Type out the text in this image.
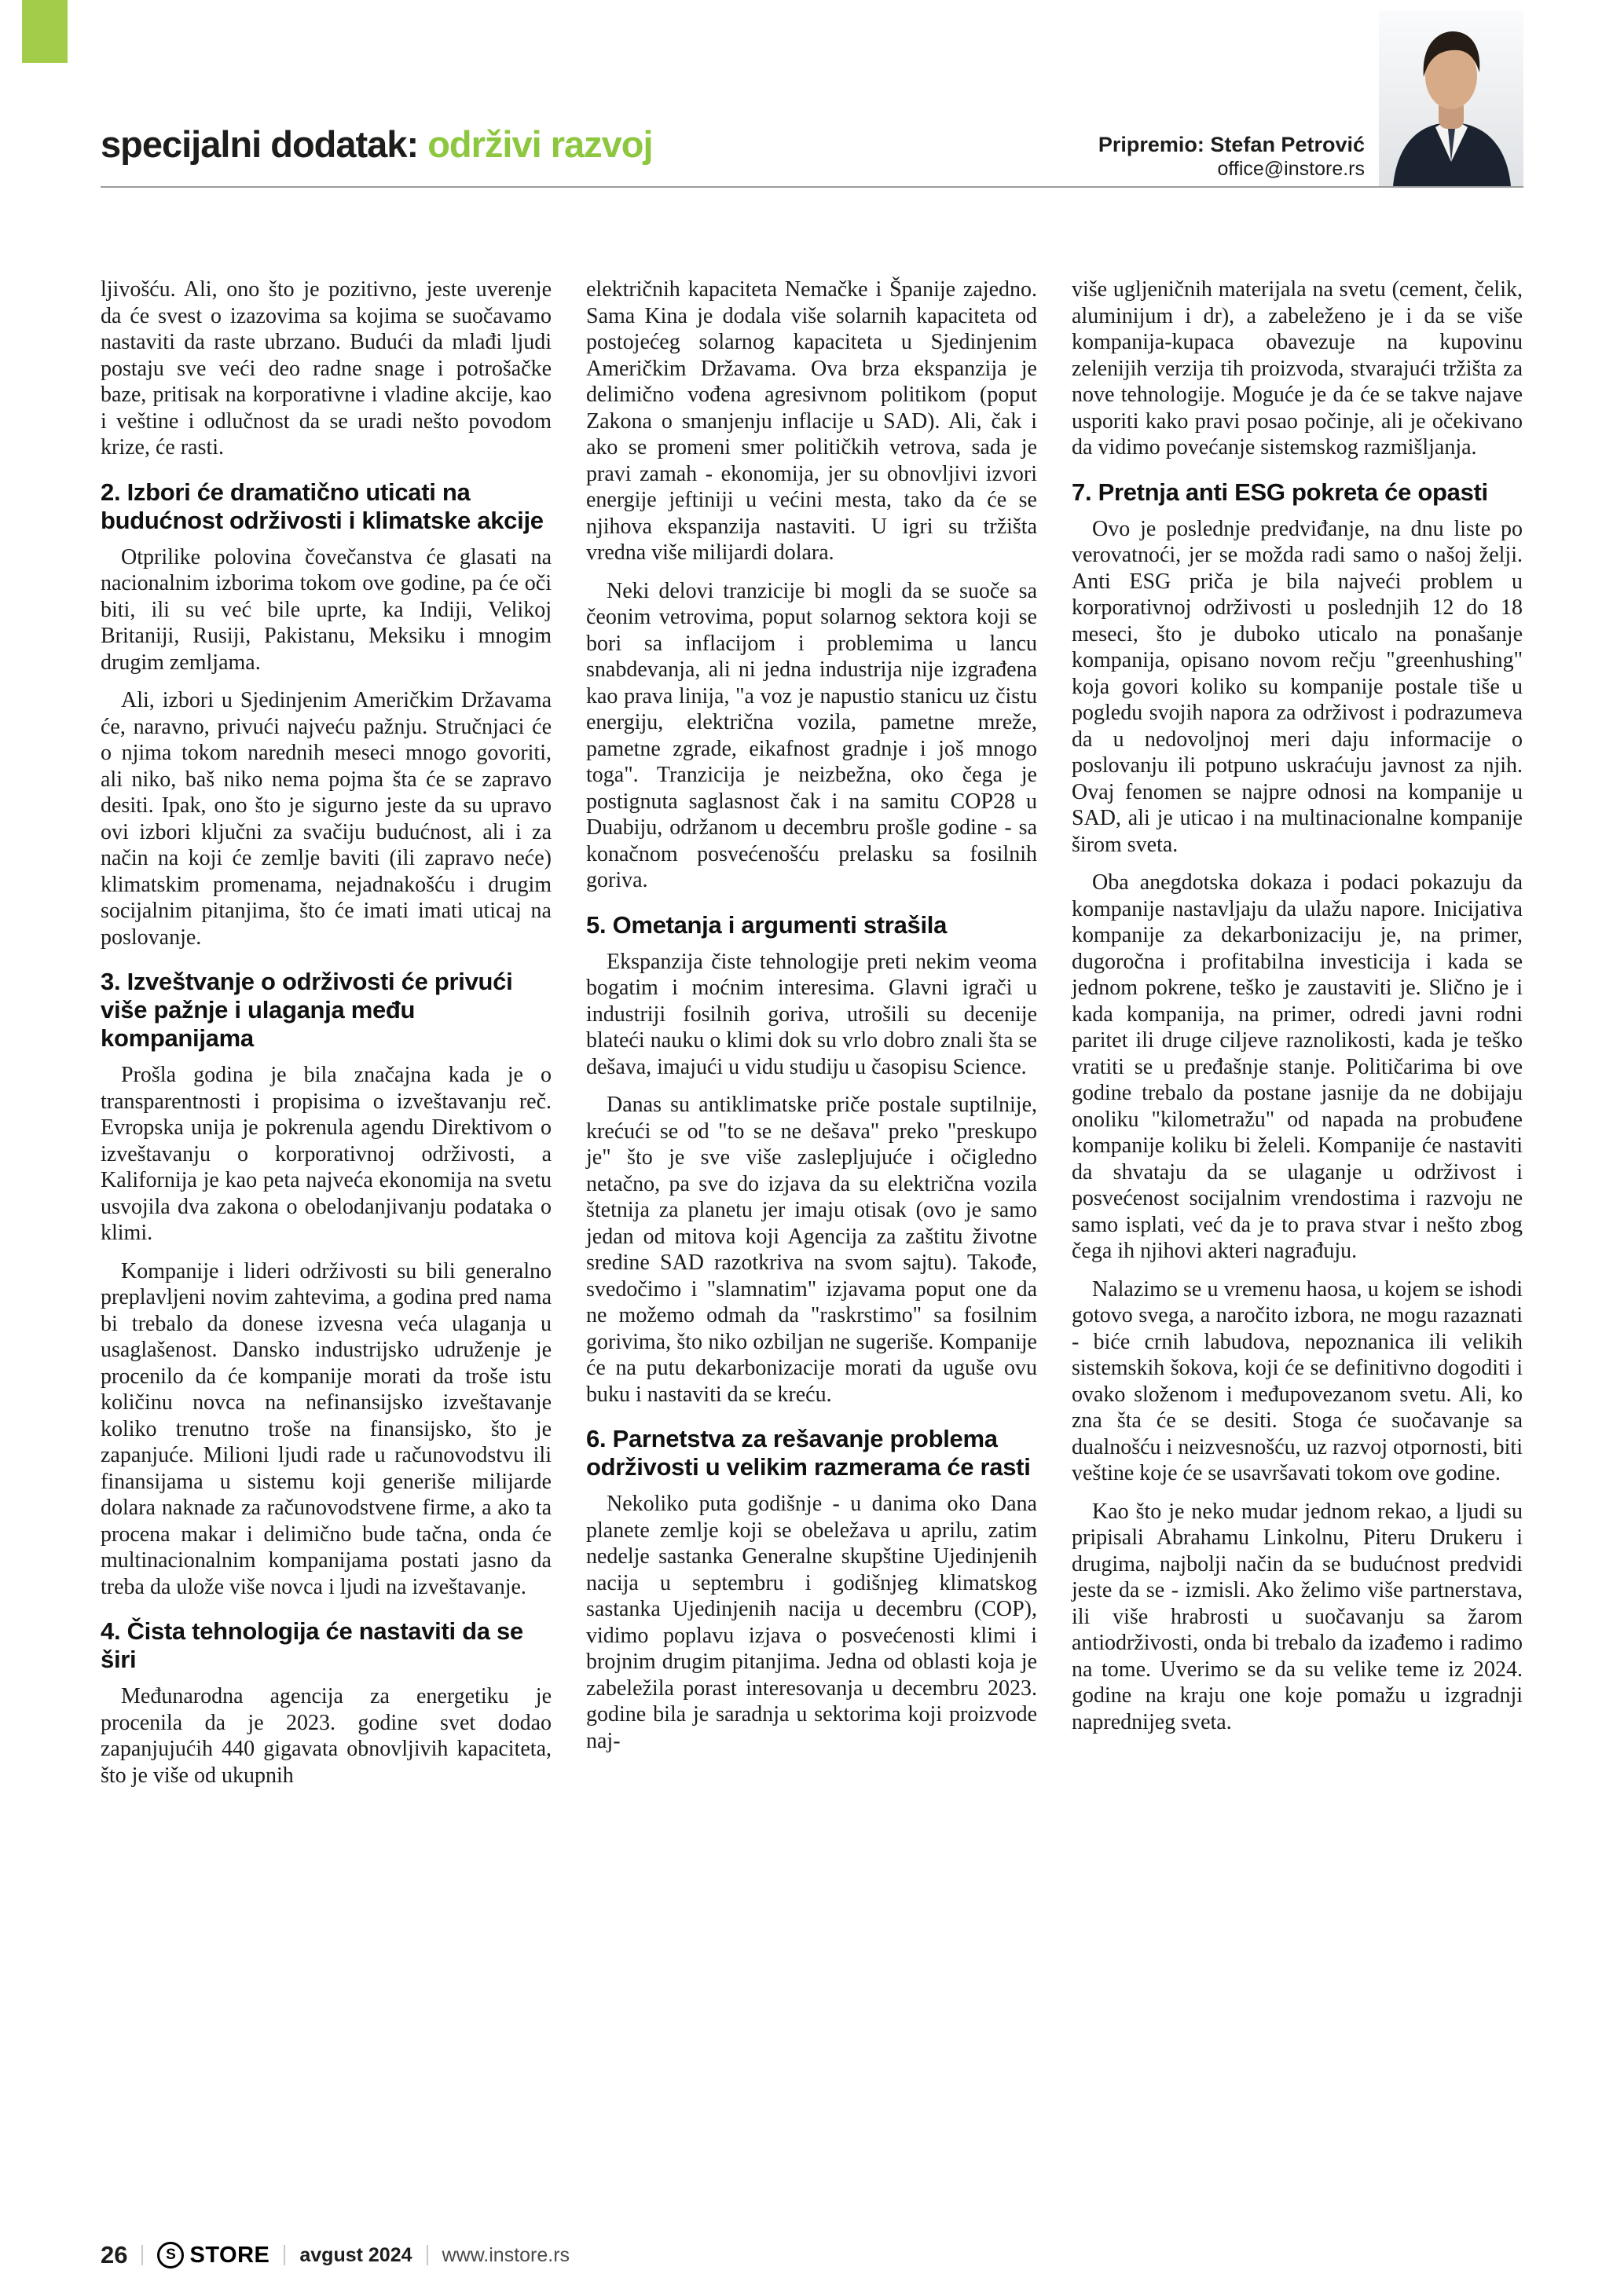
specijalni dodatak: održivi razvoj	Pripremio: Stefan Petrović
office@instore.rs

ljivošću. Ali, ono što je pozitivno, jeste uverenje da će svest o izazovima sa kojima se suočavamo nastaviti da raste ubrzano. Budući da mlađi ljudi postaju sve veći deo radne snage i potrošačke baze, pritisak na korporativne i vladine akcije, kao i veštine i odlučnost da se uradi nešto povodom krize, će rasti.

2. Izbori će dramatično uticati na budućnost održivosti i klimatske akcije

Otprilike polovina čovečanstva će glasati na nacionalnim izborima tokom ove godine, pa će oči biti, ili su već bile uprte, ka Indiji, Velikoj Britaniji, Rusiji, Pakistanu, Meksiku i mnogim drugim zemljama.

Ali, izbori u Sjedinjenim Američkim Državama će, naravno, privući najveću pažnju. Stručnjaci će o njima tokom narednih meseci mnogo govoriti, ali niko, baš niko nema pojma šta će se zapravo desiti. Ipak, ono što je sigurno jeste da su upravo ovi izbori ključni za svačiju budućnost, ali i za način na koji će zemlje baviti (ili zapravo neće) klimatskim promenama, nejadnakošću i drugim socijalnim pitanjima, što će imati imati uticaj na poslovanje.

3. Izveštvanje o održivosti će privući više pažnje i ulaganja među kompanijama

Prošla godina je bila značajna kada je o transparentnosti i propisima o izveštavanju reč. Evropska unija je pokrenula agendu Direktivom o izveštavanju o korporativnoj održivosti, a Kalifornija je kao peta najveća ekonomija na svetu usvojila dva zakona o obelodanjivanju podataka o klimi.

Kompanije i lideri održivosti su bili generalno preplavljeni novim zahtevima, a godina pred nama bi trebalo da donese izvesna veća ulaganja u usaglašenost. Dansko industrijsko udruženje je procenilo da će kompanije morati da troše istu količinu novca na nefinansijsko izveštavanje koliko trenutno troše na finansijsko, što je zapanjuće. Milioni ljudi rade u računovodstvu ili finansijama u sistemu koji generiše milijarde dolara naknade za računovodstvene firme, a ako ta procena makar i delimično bude tačna, onda će multinacionalnim kompanijama postati jasno da treba da ulože više novca i ljudi na izveštavanje.

4. Čista tehnologija će nastaviti da se širi

Međunarodna agencija za energetiku je procenila da je 2023. godine svet dodao zapanjujućih 440 gigavata obnovljivih kapaciteta, što je više od ukupnih

električnih kapaciteta Nemačke i Španije zajedno. Sama Kina je dodala više solarnih kapaciteta od postojećeg solarnog kapaciteta u Sjedinjenim Američkim Državama. Ova brza ekspanzija je delimično vođena agresivnom politikom (poput Zakona o smanjenju inflacije u SAD). Ali, čak i ako se promeni smer političkih vetrova, sada je pravi zamah - ekonomija, jer su obnovljivi izvori energije jeftiniji u većini mesta, tako da će se njihova ekspanzija nastaviti. U igri su tržišta vredna više milijardi dolara.

Neki delovi tranzicije bi mogli da se suoče sa čeonim vetrovima, poput solarnog sektora koji se bori sa inflacijom i problemima u lancu snabdevanja, ali ni jedna industrija nije izgrađena kao prava linija, "a voz je napustio stanicu uz čistu energiju, električna vozila, pametne mreže, pametne zgrade, eikafnost gradnje i još mnogo toga". Tranzicija je neizbežna, oko čega je postignuta saglasnost čak i na samitu COP28 u Duabiju, održanom u decembru prošle godine - sa konačnom posvećenošću prelasku sa fosilnih goriva.

5. Ometanja i argumenti strašila

Ekspanzija čiste tehnologije preti nekim veoma bogatim i moćnim interesima. Glavni igrači u industriji fosilnih goriva, utrošili su decenije blateći nauku o klimi dok su vrlo dobro znali šta se dešava, imajući u vidu studiju u časopisu Science.

Danas su antiklimatske priče postale suptilnije, krećući se od "to se ne dešava" preko "preskupo je" što je sve više zaslepljujuće i očigledno netačno, pa sve do izjava da su električna vozila štetnija za planetu jer imaju otisak (ovo je samo jedan od mitova koji Agencija za zaštitu životne sredine SAD razotkriva na svom sajtu). Takođe, svedočimo i "slamnatim" izjavama poput one da ne možemo odmah da "raskrstimo" sa fosilnim gorivima, što niko ozbiljan ne sugeriše. Kompanije će na putu dekarbonizacije morati da uguše ovu buku i nastaviti da se kreću.

6. Parnetstva za rešavanje problema održivosti u velikim razmerama će rasti

Nekoliko puta godišnje - u danima oko Dana planete zemlje koji se obeležava u aprilu, zatim nedelje sastanka Generalne skupštine Ujedinjenih nacija u septembru i godišnjeg klimatskog sastanka Ujedinjenih nacija u decembru (COP), vidimo poplavu izjava o posvećenosti klimi i brojnim drugim pitanjima. Jedna od oblasti koja je zabeležila porast interesovanja u decembru 2023. godine bila je saradnja u sektorima koji proizvode naj-

više ugljeničnih materijala na svetu (cement, čelik, aluminijum i dr), a zabeleženo je i da se više kompanija-kupaca obavezuje na kupovinu zelenijih verzija tih proizvoda, stvarajući tržišta za nove tehnologije. Moguće je da će se takve najave usporiti kako pravi posao počinje, ali je očekivano da vidimo povećanje sistemskog razmišljanja.

7. Pretnja anti ESG pokreta će opasti

Ovo je poslednje predviđanje, na dnu liste po verovatnoći, jer se možda radi samo o našoj želji. Anti ESG priča je bila najveći problem u korporativnoj održivosti u poslednjih 12 do 18 meseci, što je duboko uticalo na ponašanje kompanija, opisano novom rečju "greenhushing" koja govori koliko su kompanije postale tiše u pogledu svojih napora za održivost i podrazumeva da u nedovoljnoj meri daju informacije o poslovanju ili potpuno uskraćuju javnost za njih. Ovaj fenomen se najpre odnosi na kompanije u SAD, ali je uticao i na multinacionalne kompanije širom sveta.

Oba anegdotska dokaza i podaci pokazuju da kompanije nastavljaju da ulažu napore. Inicijativa kompanije za dekarbonizaciju je, na primer, dugoročna i profitabilna investicija i kada se jednom pokrene, teško je zaustaviti je. Slično je i kada kompanija, na primer, odredi javni rodni paritet ili druge ciljeve raznolikosti, kada je teško vratiti se u pređašnje stanje. Političarima bi ove godine trebalo da postane jasnije da ne dobijaju onoliku "kilometražu" od napada na probuđene kompanije koliku bi želeli. Kompanije će nastaviti da shvataju da se ulaganje u održivost i posvećenost socijalnim vrendostima i razvoju ne samo isplati, već da je to prava stvar i nešto zbog čega ih njihovi akteri nagrađuju.

Nalazimo se u vremenu haosa, u kojem se ishodi gotovo svega, a naročito izbora, ne mogu razaznati - biće crnih labudova, nepoznanica ili velikih sistemskih šokova, koji će se definitivno dogoditi i ovako složenom i međupovezanom svetu. Ali, ko zna šta će se desiti. Stoga će suočavanje sa dualnošću i neizvesnošću, uz razvoj otpornosti, biti veštine koje će se usavršavati tokom ove godine.

Kao što je neko mudar jednom rekao, a ljudi su pripisali Abrahamu Linkolnu, Piteru Drukeru i drugima, najbolji način da se budućnost predvidi jeste da se - izmisli. Ako želimo više partnerstava, ili više hrabrosti u suočavanju sa žarom antiodrživosti, onda bi trebalo da izađemo i radimo na tome. Uverimo se da su velike teme iz 2024. godine na kraju one koje pomažu u izgradnji naprednijeg sveta.

26	S STORE avgust 2024 www.instore.rs
